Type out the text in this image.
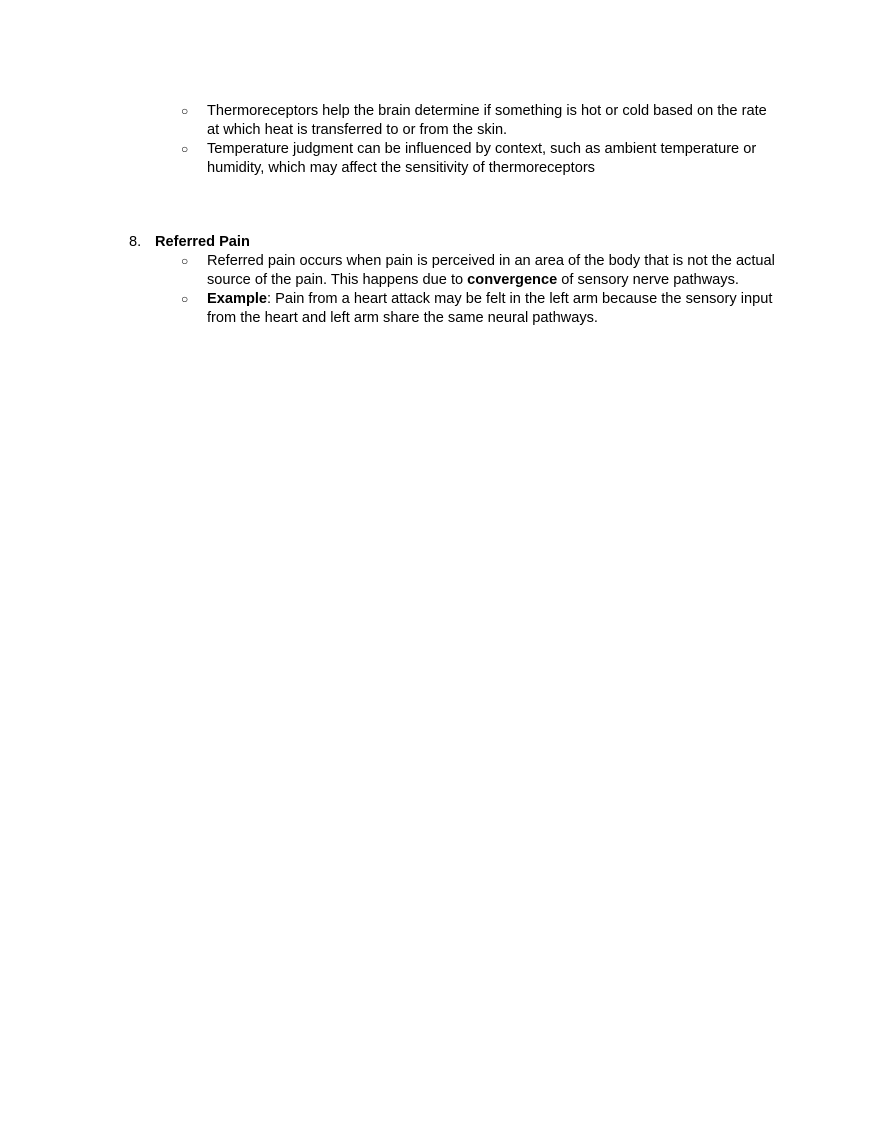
○	Thermoreceptors help the brain determine if something is hot or cold based on the rate at which heat is transferred to or from the skin.
○	Temperature judgment can be influenced by context, such as ambient temperature or humidity, which may affect the sensitivity of thermoreceptors
8. Referred Pain
○	Referred pain occurs when pain is perceived in an area of the body that is not the actual source of the pain. This happens due to convergence of sensory nerve pathways.
○	Example: Pain from a heart attack may be felt in the left arm because the sensory input from the heart and left arm share the same neural pathways.
